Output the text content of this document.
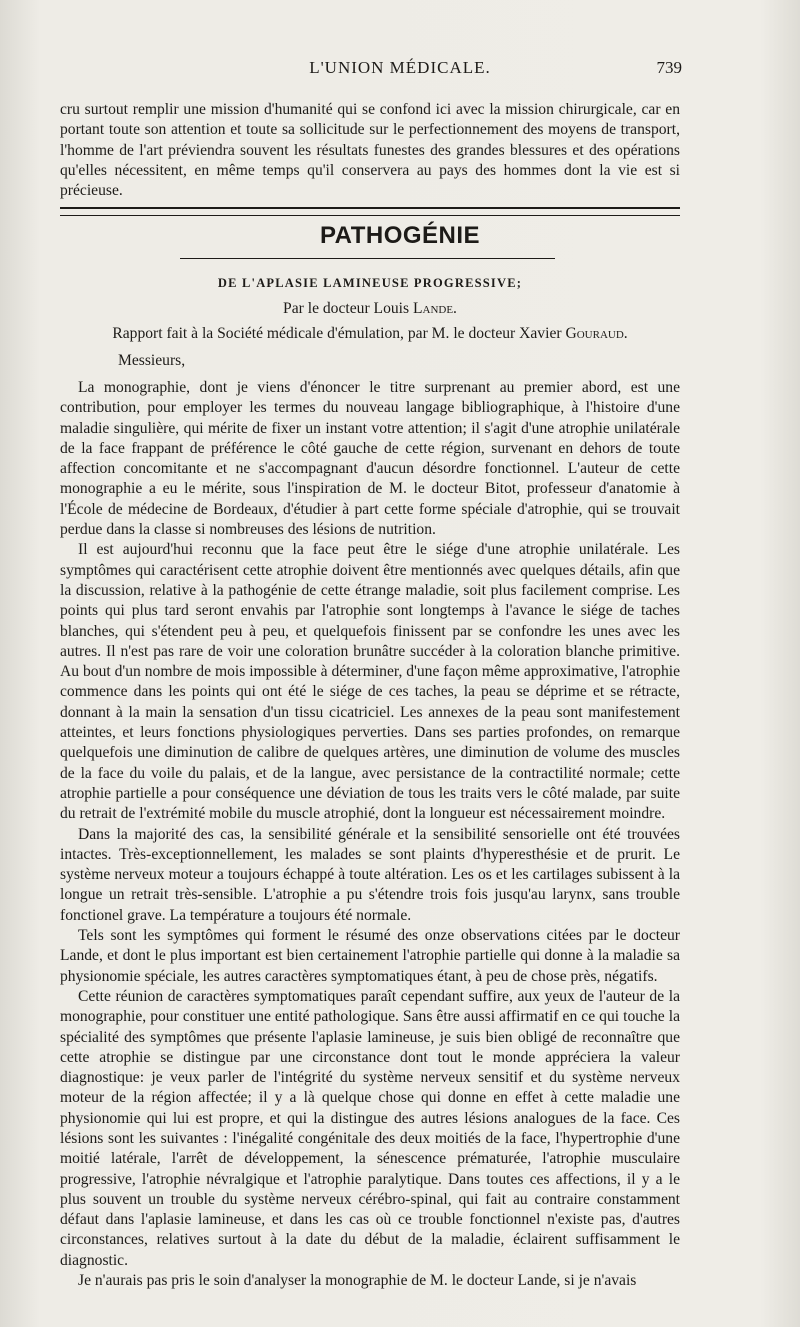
L'UNION MÉDICALE.	739

cru surtout remplir une mission d'humanité qui se confond ici avec la mission chirurgicale, car en portant toute son attention et toute sa sollicitude sur le perfectionnement des moyens de transport, l'homme de l'art préviendra souvent les résultats funestes des grandes blessures et des opérations qu'elles nécessitent, en même temps qu'il conservera au pays des hommes dont la vie est si précieuse.

PATHOGÉNIE
DE L'APLASIE LAMINEUSE PROGRESSIVE;
Par le docteur Louis Lande.
Rapport fait à la Société médicale d'émulation, par M. le docteur Xavier Gouraud.
Messieurs,

La monographie, dont je viens d'énoncer le titre surprenant au premier abord, est une contribution, pour employer les termes du nouveau langage bibliographique, à l'histoire d'une maladie singulière, qui mérite de fixer un instant votre attention; il s'agit d'une atrophie unilatérale de la face frappant de préférence le côté gauche de cette région, survenant en dehors de toute affection concomitante et ne s'accompagnant d'aucun désordre fonctionnel. L'auteur de cette monographie a eu le mérite, sous l'inspiration de M. le docteur Bitot, professeur d'anatomie à l'École de médecine de Bordeaux, d'étudier à part cette forme spéciale d'atrophie, qui se trouvait perdue dans la classe si nombreuses des lésions de nutrition.

Il est aujourd'hui reconnu que la face peut être le siége d'une atrophie unilatérale. Les symptômes qui caractérisent cette atrophie doivent être mentionnés avec quelques détails, afin que la discussion, relative à la pathogénie de cette étrange maladie, soit plus facilement comprise. Les points qui plus tard seront envahis par l'atrophie sont longtemps à l'avance le siége de taches blanches, qui s'étendent peu à peu, et quelquefois finissent par se confondre les unes avec les autres. Il n'est pas rare de voir une coloration brunâtre succéder à la coloration blanche primitive. Au bout d'un nombre de mois impossible à déterminer, d'une façon même approximative, l'atrophie commence dans les points qui ont été le siége de ces taches, la peau se déprime et se rétracte, donnant à la main la sensation d'un tissu cicatriciel. Les annexes de la peau sont manifestement atteintes, et leurs fonctions physiologiques perverties. Dans ses parties profondes, on remarque quelquefois une diminution de calibre de quelques artères, une diminution de volume des muscles de la face du voile du palais, et de la langue, avec persistance de la contractilité normale; cette atrophie partielle a pour conséquence une déviation de tous les traits vers le côté malade, par suite du retrait de l'extrémité mobile du muscle atrophié, dont la longueur est nécessairement moindre.

Dans la majorité des cas, la sensibilité générale et la sensibilité sensorielle ont été trouvées intactes. Très-exceptionnellement, les malades se sont plaints d'hyperesthésie et de prurit. Le système nerveux moteur a toujours échappé à toute altération. Les os et les cartilages subissent à la longue un retrait très-sensible. L'atrophie a pu s'étendre trois fois jusqu'au larynx, sans trouble fonctionel grave. La température a toujours été normale.

Tels sont les symptômes qui forment le résumé des onze observations citées par le docteur Lande, et dont le plus important est bien certainement l'atrophie partielle qui donne à la maladie sa physionomie spéciale, les autres caractères symptomatiques étant, à peu de chose près, négatifs.

Cette réunion de caractères symptomatiques paraît cependant suffire, aux yeux de l'auteur de la monographie, pour constituer une entité pathologique. Sans être aussi affirmatif en ce qui touche la spécialité des symptômes que présente l'aplasie lamineuse, je suis bien obligé de reconnaître que cette atrophie se distingue par une circonstance dont tout le monde appréciera la valeur diagnostique: je veux parler de l'intégrité du système nerveux sensitif et du système nerveux moteur de la région affectée; il y a là quelque chose qui donne en effet à cette maladie une physionomie qui lui est propre, et qui la distingue des autres lésions analogues de la face. Ces lésions sont les suivantes : l'inégalité congénitale des deux moitiés de la face, l'hypertrophie d'une moitié latérale, l'arrêt de développement, la sénescence prématurée, l'atrophie musculaire progressive, l'atrophie névralgique et l'atrophie paralytique. Dans toutes ces affections, il y a le plus souvent un trouble du système nerveux cérébro-spinal, qui fait au contraire constamment défaut dans l'aplasie lamineuse, et dans les cas où ce trouble fonctionnel n'existe pas, d'autres circonstances, relatives surtout à la date du début de la maladie, éclairent suffisamment le diagnostic.

Je n'aurais pas pris le soin d'analyser la monographie de M. le docteur Lande, si je n'avais
